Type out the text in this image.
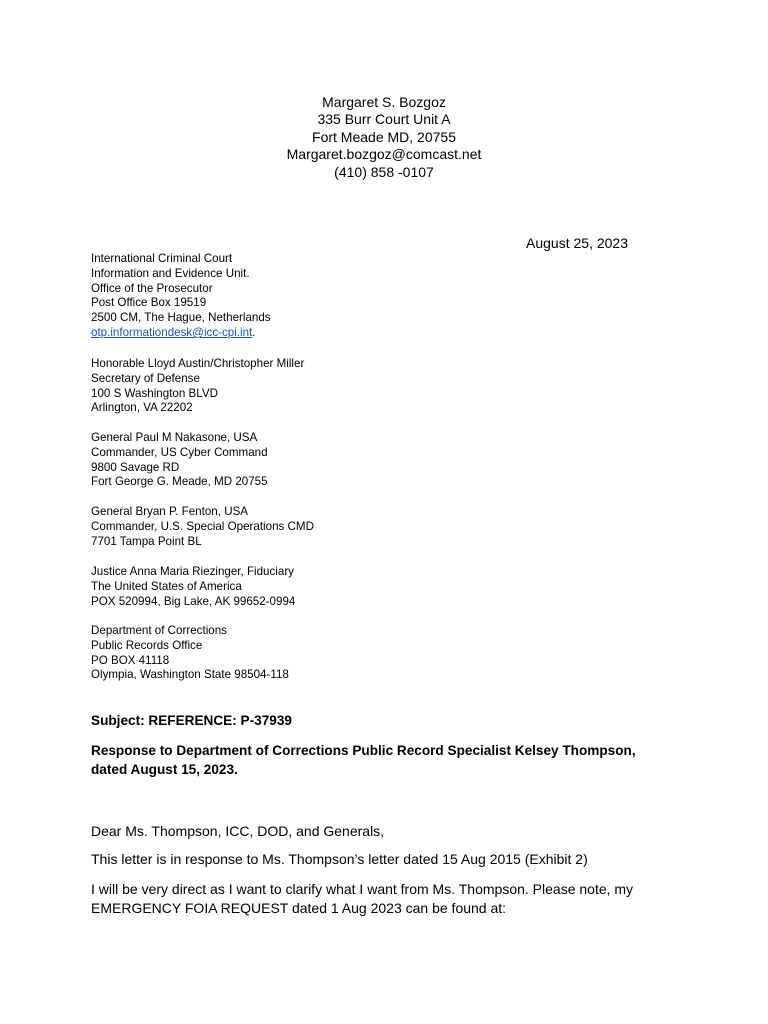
Margaret S. Bozgoz
335 Burr Court Unit A
Fort Meade MD, 20755
Margaret.bozgoz@comcast.net
(410) 858 -0107
August 25, 2023
International Criminal Court
Information and Evidence Unit.
Office of the Prosecutor
Post Office Box 19519
2500 CM, The Hague, Netherlands
otp.informationdesk@icc-cpi.int.
Honorable Lloyd Austin/Christopher Miller
Secretary of Defense
100 S Washington BLVD
Arlington, VA 22202
General Paul M Nakasone, USA
Commander, US Cyber Command
9800 Savage RD
Fort George G. Meade, MD 20755
General Bryan P. Fenton, USA
Commander, U.S. Special Operations CMD
7701 Tampa Point BL
Justice Anna Maria Riezinger, Fiduciary
The United States of America
POX 520994, Big Lake, AK 99652-0994
Department of Corrections
Public Records Office
PO BOX 41118
Olympia, Washington State 98504-118
Subject: REFERENCE: P-37939
Response to Department of Corrections Public Record Specialist Kelsey Thompson, dated August 15, 2023.
Dear Ms. Thompson, ICC, DOD, and Generals,
This letter is in response to Ms. Thompson’s letter dated 15 Aug 2015 (Exhibit 2)
I will be very direct as I want to clarify what I want from Ms. Thompson. Please note, my EMERGENCY FOIA REQUEST dated 1 Aug 2023 can be found at:
